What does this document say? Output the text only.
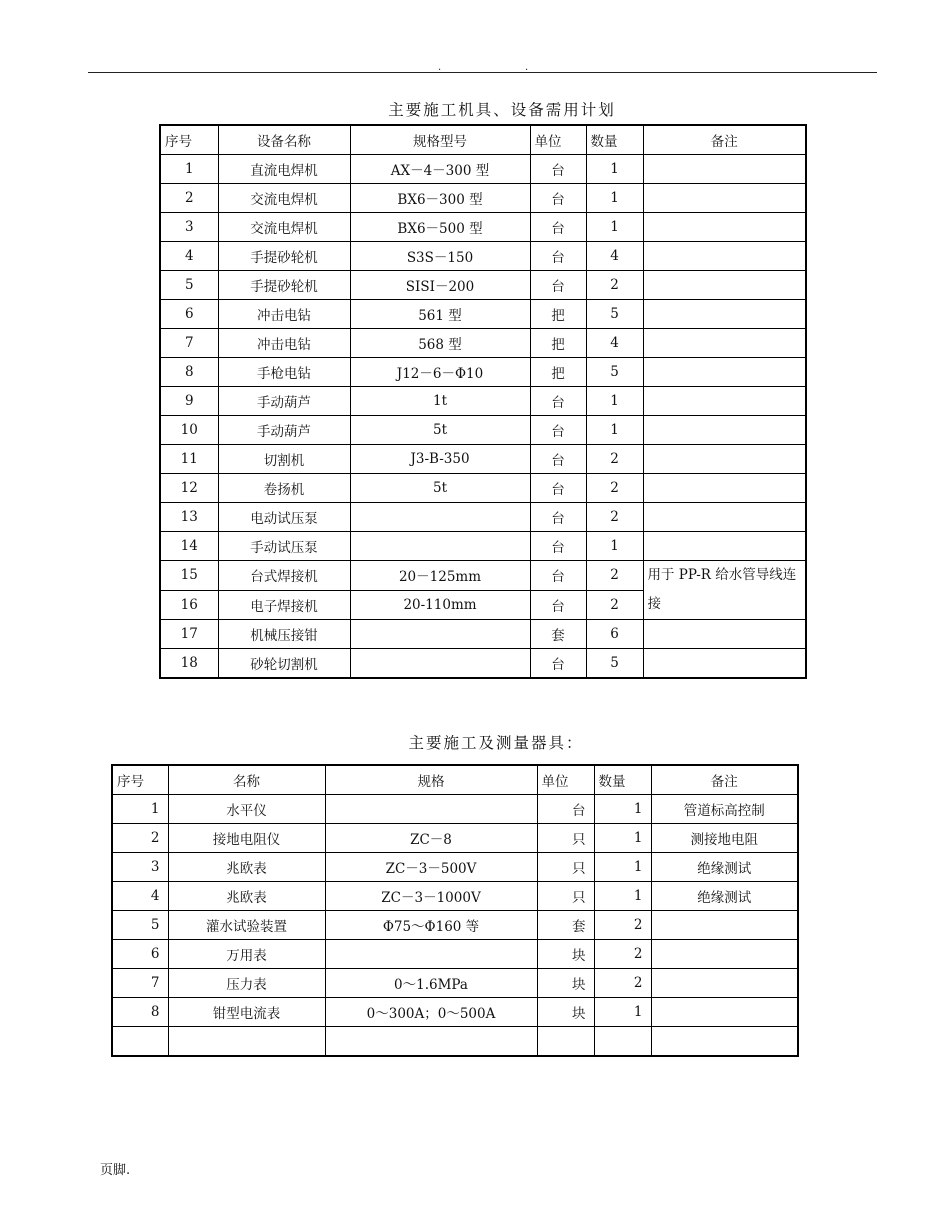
.	.
主要施工机具、设备需用计划
序号	设备名称	规格型号	单位	数量	备注
1	直流电焊机	AX－4－300 型	台	1	
2	交流电焊机	BX6－300 型	台	1	
3	交流电焊机	BX6－500 型	台	1	
4	手提砂轮机	S3S－150	台	4	
5	手提砂轮机	SISI－200	台	2	
6	冲击电钻	561 型	把	5	
7	冲击电钻	568 型	把	4	
8	手枪电钻	J12－6－Φ10	把	5	
9	手动葫芦	1t	台	1	
10	手动葫芦	5t	台	1	
11	切割机	J3-B-350	台	2	
12	卷扬机	5t	台	2	
13	电动试压泵		台	2	
14	手动试压泵		台	1	
15	台式焊接机	20－125mm	台	2	用于 PP-R 给水管导线连接
16	电子焊接机	20-110mm	台	2	
17	机械压接钳		套	6	
18	砂轮切割机		台	5	
主要施工及测量器具：
序号	名称	规格	单位	数量	备注
1	水平仪		台	1	管道标高控制
2	接地电阻仪	ZC－8	只	1	测接地电阻
3	兆欧表	ZC－3－500V	只	1	绝缘测试
4	兆欧表	ZC－3－1000V	只	1	绝缘测试
5	灌水试验装置	Φ75～Φ160 等	套	2	
6	万用表		块	2	
7	压力表	0～1.6MPa	块	2	
8	钳型电流表	0～300A；0～500A	块	1	

页脚.
